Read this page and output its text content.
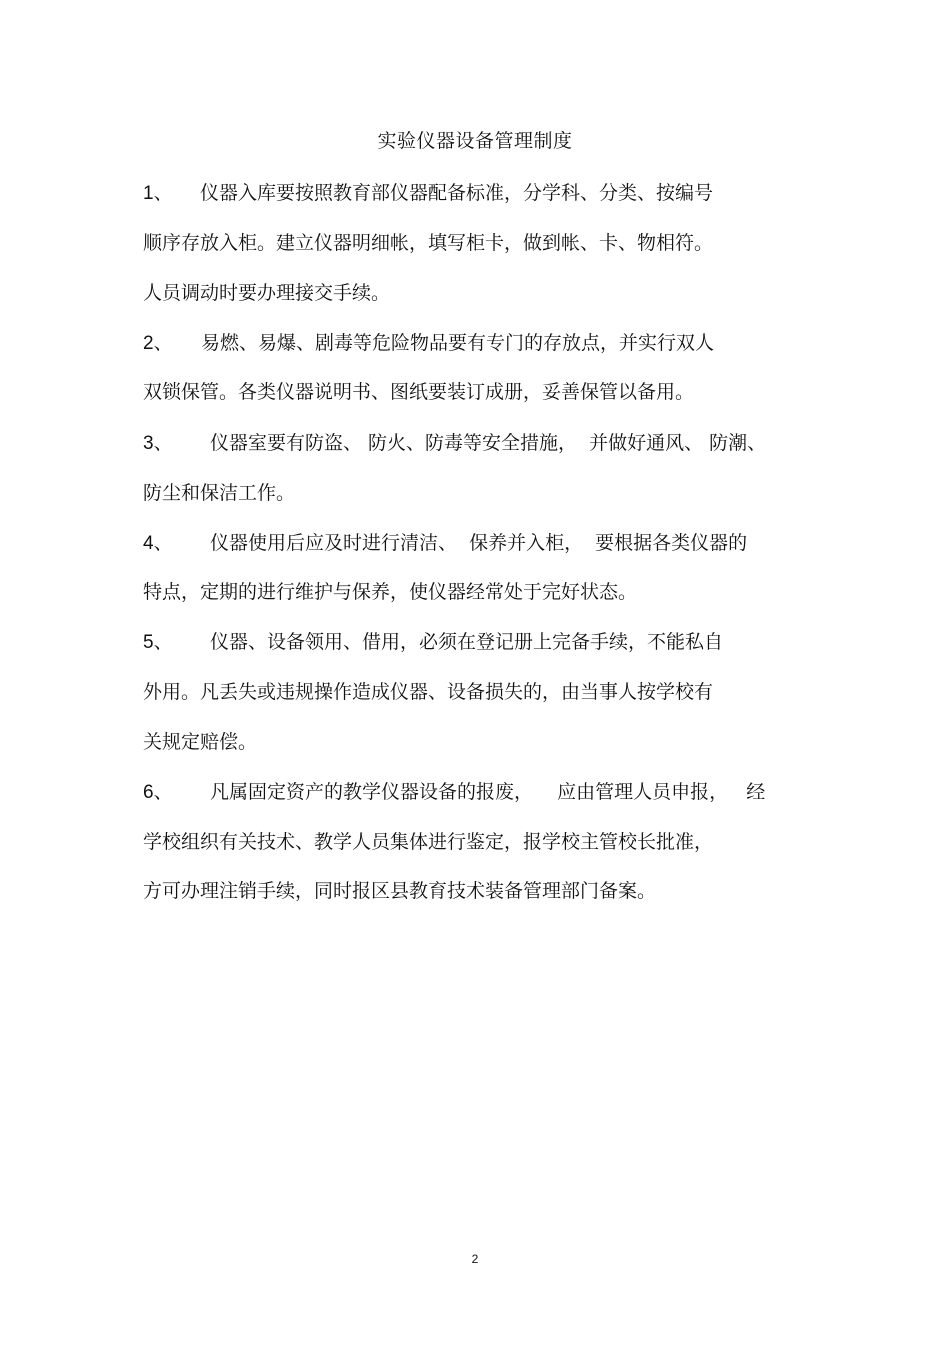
实验仪器设备管理制度
1、 仪器入库要按照教育部仪器配备标准，分学科、分类、按编号
顺序存放入柜。建立仪器明细帐，填写柜卡，做到帐、卡、物相符。
人员调动时要办理接交手续。
2、 易燃、易爆、剧毒等危险物品要有专门的存放点，并实行双人
双锁保管。各类仪器说明书、图纸要装订成册，妥善保管以备用。
3、 仪器室要有防盗、 防火、防毒等安全措施，  并做好通风、 防潮、
防尘和保洁工作。
4、 仪器使用后应及时进行清洁、  保养并入柜，  要根据各类仪器的
特点，定期的进行维护与保养，使仪器经常处于完好状态。
5、 仪器、设备领用、借用，必须在登记册上完备手续，不能私自
外用。凡丢失或违规操作造成仪器、设备损失的，由当事人按学校有
关规定赔偿。
6、 凡属固定资产的教学仪器设备的报废，    应由管理人员申报，   经
学校组织有关技术、教学人员集体进行鉴定，报学校主管校长批准，
方可办理注销手续，同时报区县教育技术装备管理部门备案。
2
